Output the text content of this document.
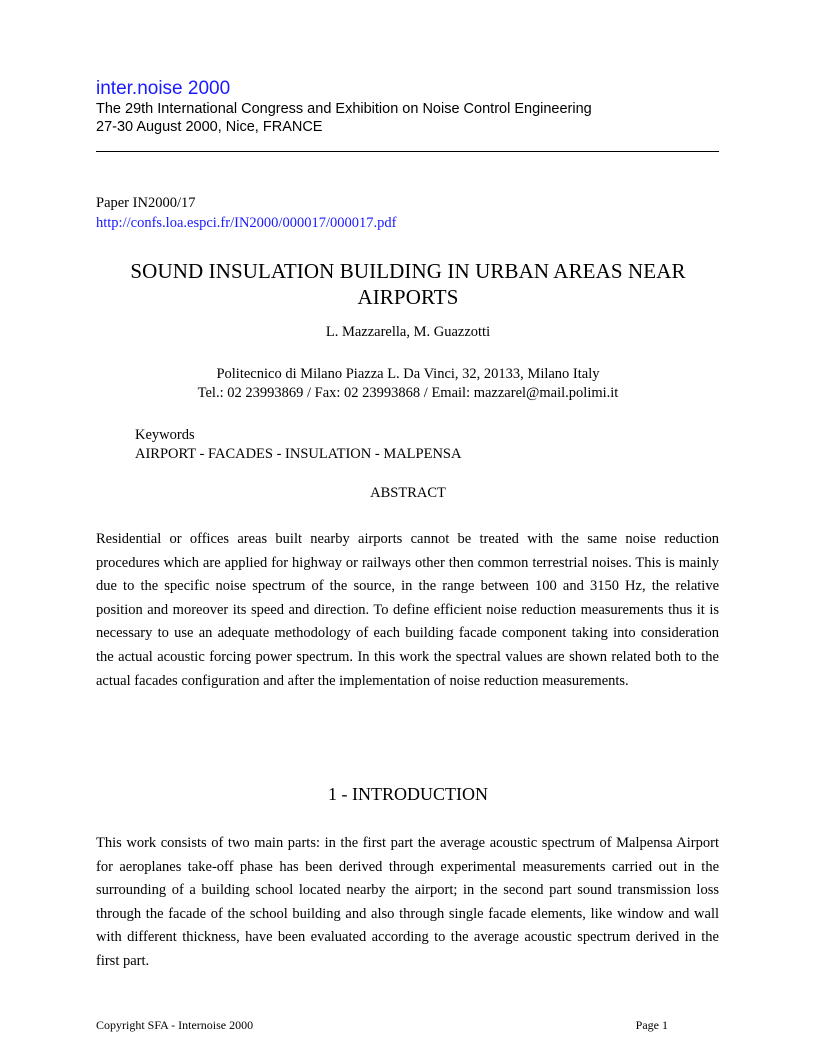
inter.noise 2000
The 29th International Congress and Exhibition on Noise Control Engineering
27-30 August 2000, Nice, FRANCE
Paper IN2000/17
http://confs.loa.espci.fr/IN2000/000017/000017.pdf
SOUND INSULATION BUILDING IN URBAN AREAS NEAR AIRPORTS
L. Mazzarella, M. Guazzotti
Politecnico di Milano Piazza L. Da Vinci, 32, 20133, Milano Italy
Tel.: 02 23993869 / Fax: 02 23993868 / Email: mazzarel@mail.polimi.it
Keywords
AIRPORT - FACADES - INSULATION - MALPENSA
ABSTRACT

Residential or offices areas built nearby airports cannot be treated with the same noise reduction procedures which are applied for highway or railways other then common terrestrial noises. This is mainly due to the specific noise spectrum of the source, in the range between 100 and 3150 Hz, the relative position and moreover its speed and direction. To define efficient noise reduction measurements thus it is necessary to use an adequate methodology of each building facade component taking into consideration the actual acoustic forcing power spectrum. In this work the spectral values are shown related both to the actual facades configuration and after the implementation of noise reduction measurements.

1 - INTRODUCTION

This work consists of two main parts: in the first part the average acoustic spectrum of Malpensa Airport for aeroplanes take-off phase has been derived through experimental measurements carried out in the surrounding of a building school located nearby the airport; in the second part sound transmission loss through the facade of the school building and also through single facade elements, like window and wall with different thickness, have been evaluated according to the average acoustic spectrum derived in the first part.

Copyright SFA - Internoise 2000	Page 1
